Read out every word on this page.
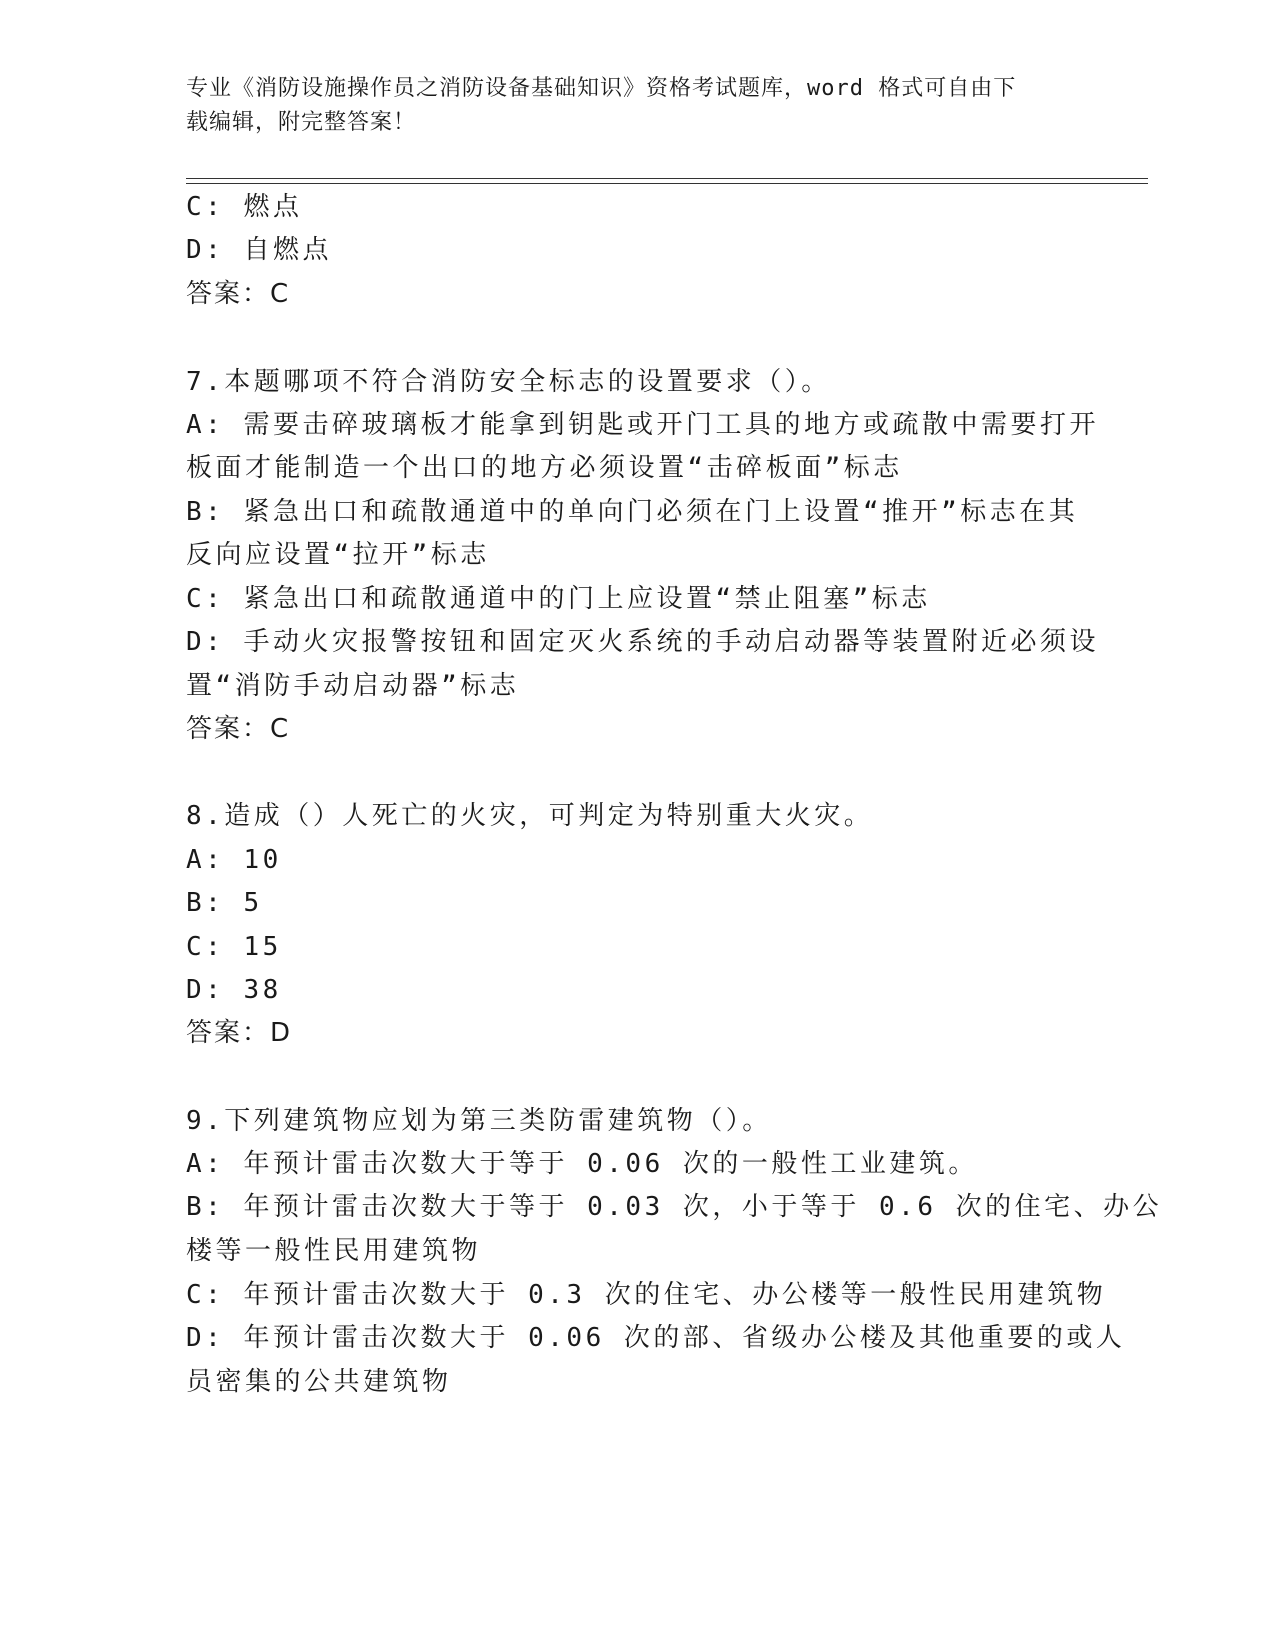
专业《消防设施操作员之消防设备基础知识》资格考试题库，word 格式可自由下
载编辑，附完整答案！
C: 燃点
D: 自燃点
答案：C
7.本题哪项不符合消防安全标志的设置要求（）。
A: 需要击碎玻璃板才能拿到钥匙或开门工具的地方或疏散中需要打开
板面才能制造一个出口的地方必须设置“击碎板面”标志
B: 紧急出口和疏散通道中的单向门必须在门上设置“推开”标志在其
反向应设置“拉开”标志
C: 紧急出口和疏散通道中的门上应设置“禁止阻塞”标志
D: 手动火灾报警按钮和固定灭火系统的手动启动器等装置附近必须设
置“消防手动启动器”标志
答案：C
8.造成（）人死亡的火灾，可判定为特别重大火灾。
A: 10
B: 5
C: 15
D: 38
答案：D
9.下列建筑物应划为第三类防雷建筑物（）。
A: 年预计雷击次数大于等于 0.06 次的一般性工业建筑。
B: 年预计雷击次数大于等于 0.03 次，小于等于 0.6 次的住宅、办公
楼等一般性民用建筑物
C: 年预计雷击次数大于 0.3 次的住宅、办公楼等一般性民用建筑物
D: 年预计雷击次数大于 0.06 次的部、省级办公楼及其他重要的或人
员密集的公共建筑物
